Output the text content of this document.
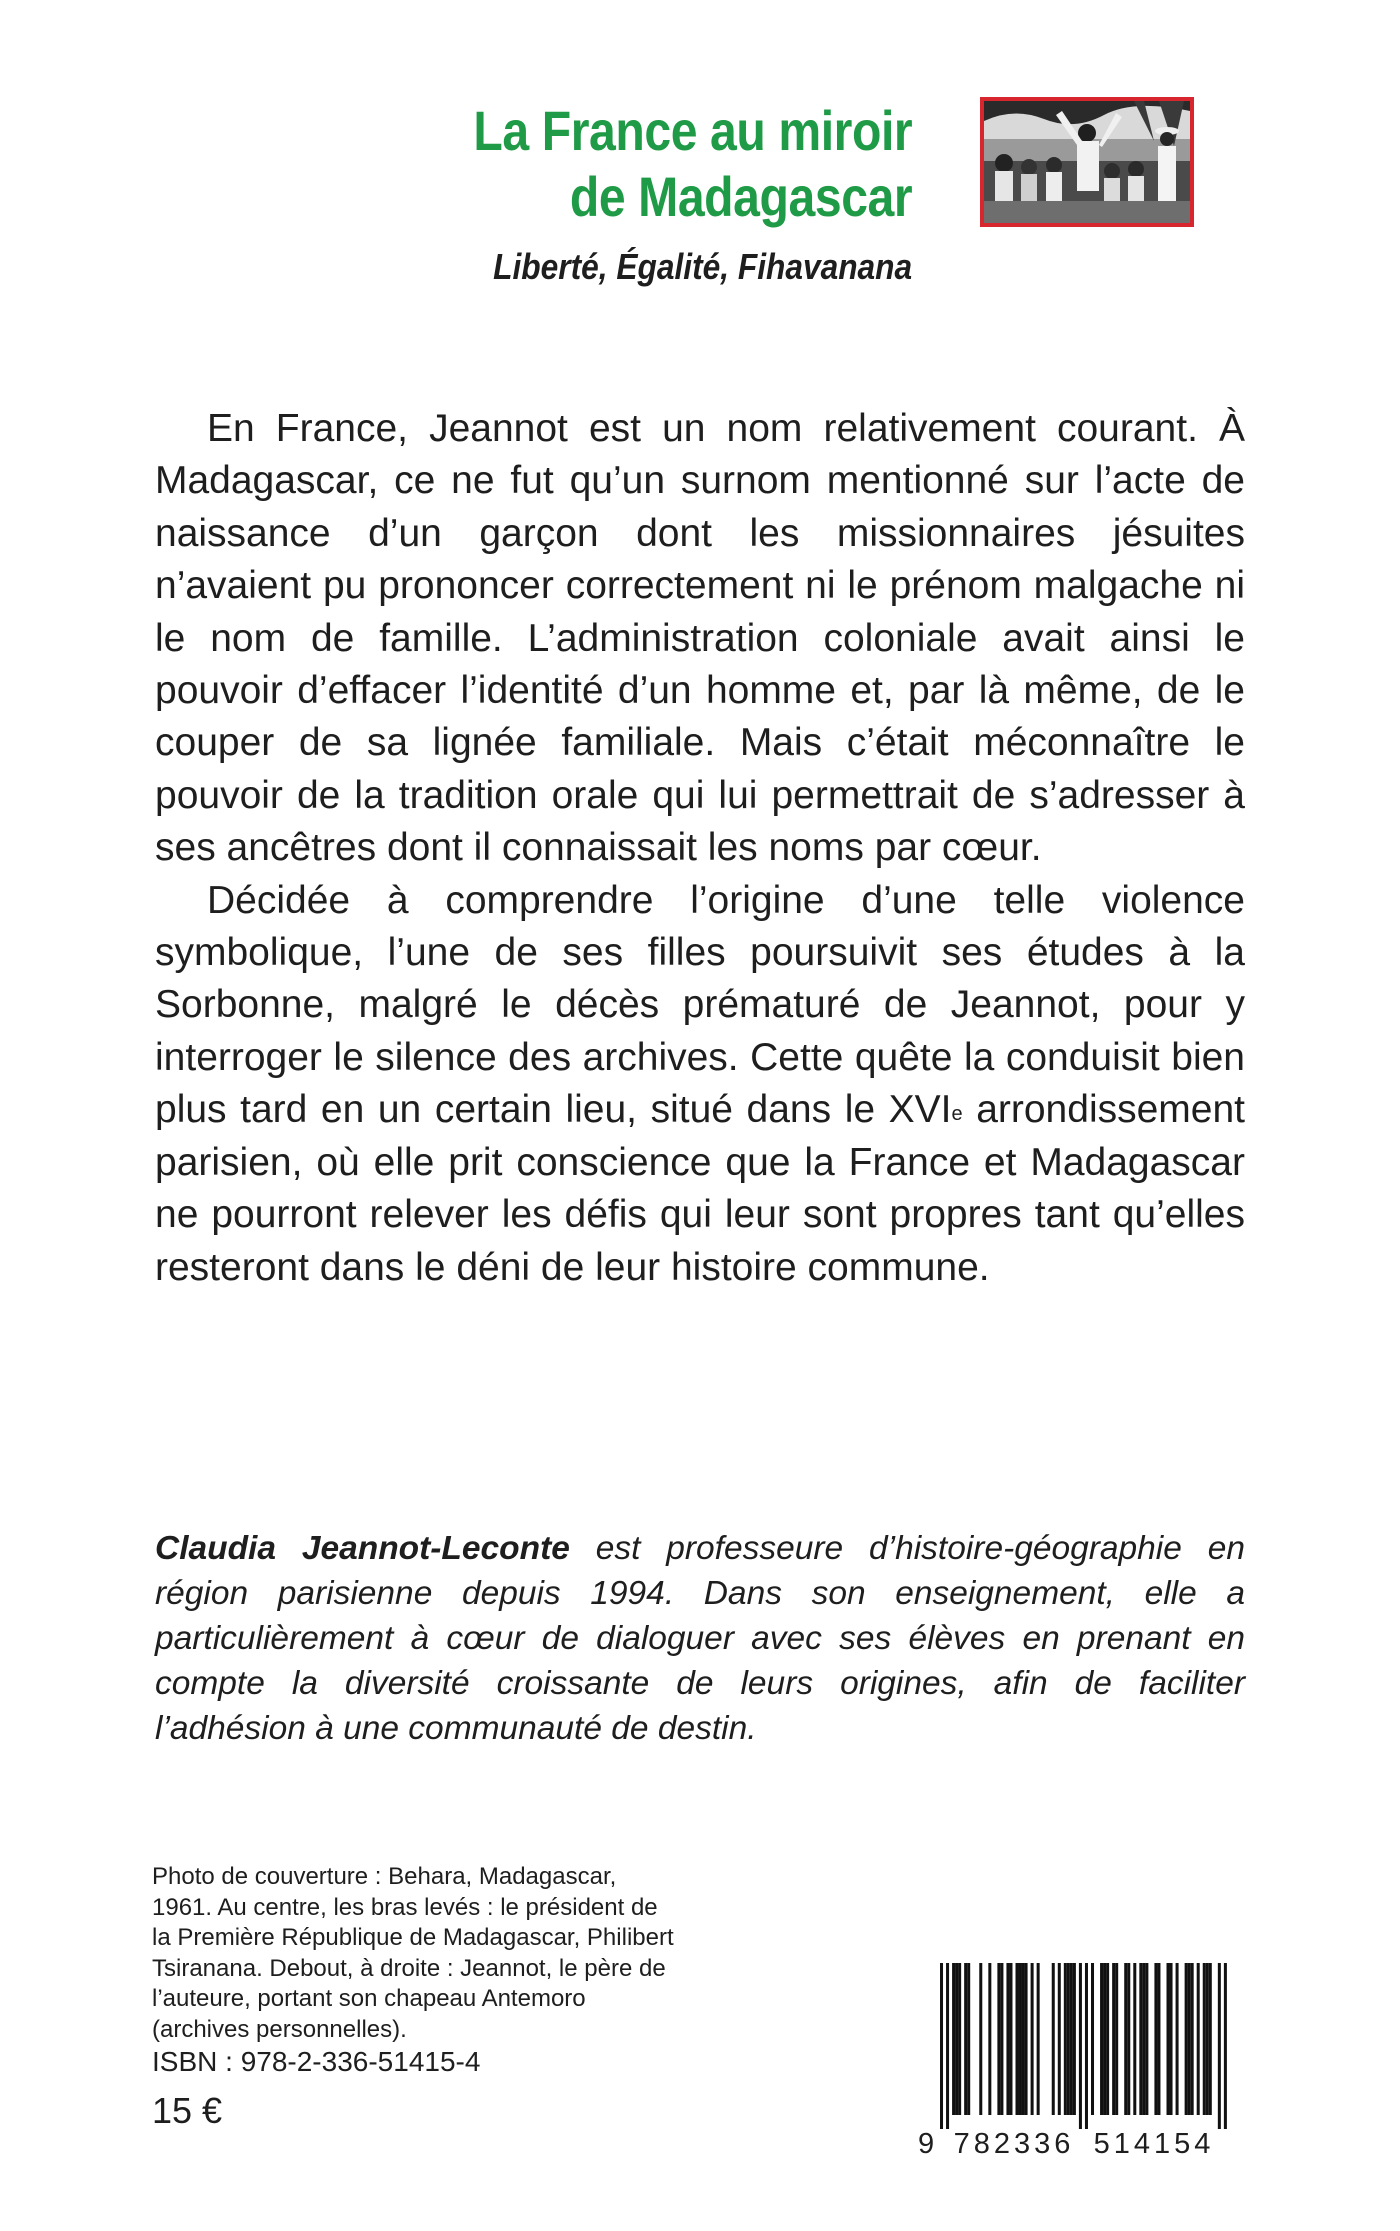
La France au miroir
de Madagascar
Liberté, Égalité, Fihavanana

En France, Jeannot est un nom relativement courant. À Madagascar, ce ne fut qu’un surnom mentionné sur l’acte de naissance d’un garçon dont les missionnaires jésuites n’avaient pu prononcer correctement ni le prénom malgache ni le nom de famille. L’administration coloniale avait ainsi le pouvoir d’effacer l’identité d’un homme et, par là même, de le couper de sa lignée familiale. Mais c’était méconnaître le pouvoir de la tradition orale qui lui permettrait de s’adresser à ses ancêtres dont il connaissait les noms par cœur.

Décidée à comprendre l’origine d’une telle violence symbolique, l’une de ses filles poursuivit ses études à la Sorbonne, malgré le décès prématuré de Jeannot, pour y interroger le silence des archives. Cette quête la conduisit bien plus tard en un certain lieu, situé dans le XVIe arrondissement parisien, où elle prit conscience que la France et Madagascar ne pourront relever les défis qui leur sont propres tant qu’elles resteront dans le déni de leur histoire commune.

Claudia Jeannot-Leconte est professeure d’histoire-géographie en région parisienne depuis 1994. Dans son enseignement, elle a particulièrement à cœur de dialoguer avec ses élèves en prenant en compte la diversité croissante de leurs origines, afin de faciliter l’adhésion à une communauté de destin.
Photo de couverture : Behara, Madagascar, 1961. Au centre, les bras levés : le président de la Première République de Madagascar, Philibert Tsiranana. Debout, à droite : Jeannot, le père de l’auteure, portant son chapeau Antemoro (archives personnelles).
ISBN : 978-2-336-51415-4
15 €
9 782336 514154
